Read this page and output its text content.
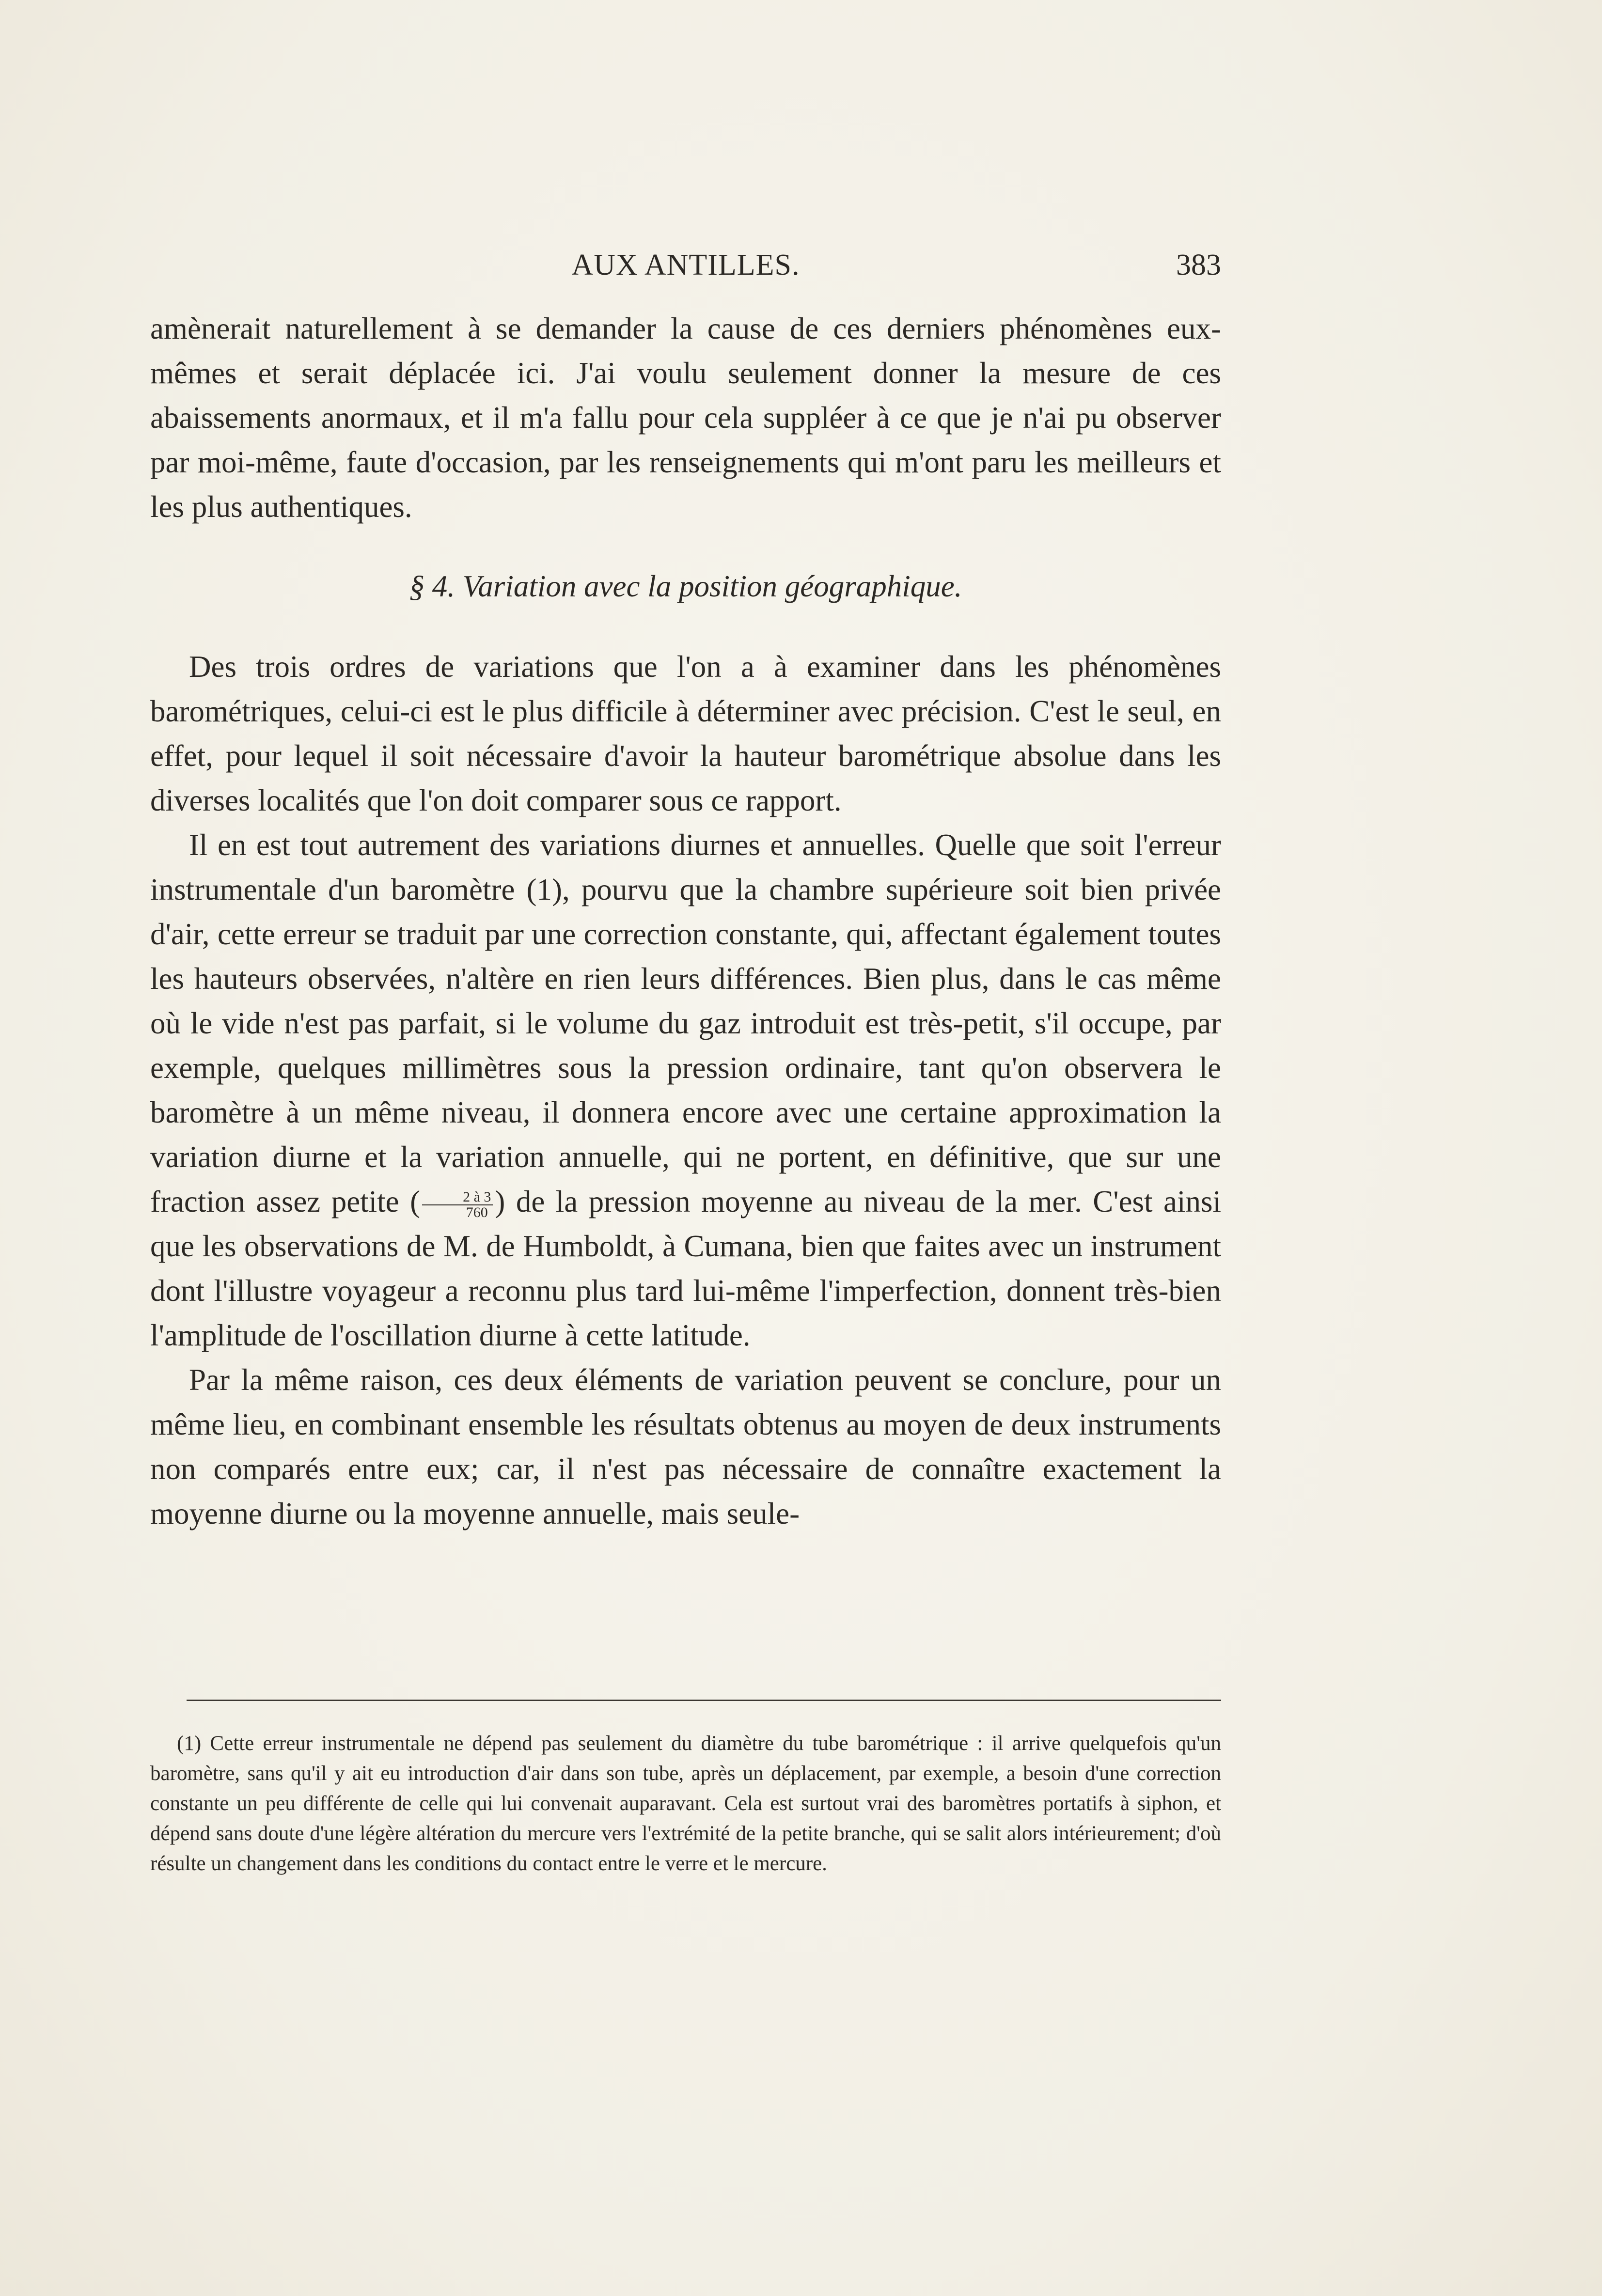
AUX ANTILLES.	383

amènerait naturellement à se demander la cause de ces derniers phénomènes eux-mêmes et serait déplacée ici. J'ai voulu seulement donner la mesure de ces abaissements anormaux, et il m'a fallu pour cela suppléer à ce que je n'ai pu observer par moi-même, faute d'occasion, par les renseignements qui m'ont paru les meilleurs et les plus authentiques.

§ 4. Variation avec la position géographique.

Des trois ordres de variations que l'on a à examiner dans les phénomènes barométriques, celui-ci est le plus difficile à déterminer avec précision. C'est le seul, en effet, pour lequel il soit nécessaire d'avoir la hauteur barométrique absolue dans les diverses localités que l'on doit comparer sous ce rapport.

Il en est tout autrement des variations diurnes et annuelles. Quelle que soit l'erreur instrumentale d'un baromètre (1), pourvu que la chambre supérieure soit bien privée d'air, cette erreur se traduit par une correction constante, qui, affectant également toutes les hauteurs observées, n'altère en rien leurs différences. Bien plus, dans le cas même où le vide n'est pas parfait, si le volume du gaz introduit est très-petit, s'il occupe, par exemple, quelques millimètres sous la pression ordinaire, tant qu'on observera le baromètre à un même niveau, il donnera encore avec une certaine approximation la variation diurne et la variation annuelle, qui ne portent, en définitive, que sur une fraction assez petite ( $\frac{2 à 3}{760}$ ) de la pression moyenne au niveau de la mer. C'est ainsi que les observations de M. de Humboldt, à Cumana, bien que faites avec un instrument dont l'illustre voyageur a reconnu plus tard lui-même l'imperfection, donnent très-bien l'amplitude de l'oscillation diurne à cette latitude.

Par la même raison, ces deux éléments de variation peuvent se conclure, pour un même lieu, en combinant ensemble les résultats obtenus au moyen de deux instruments non comparés entre eux; car, il n'est pas nécessaire de connaître exactement la moyenne diurne ou la moyenne annuelle, mais seule-

(1) Cette erreur instrumentale ne dépend pas seulement du diamètre du tube barométrique : il arrive quelquefois qu'un baromètre, sans qu'il y ait eu introduction d'air dans son tube, après un déplacement, par exemple, a besoin d'une correction constante un peu différente de celle qui lui convenait auparavant. Cela est surtout vrai des baromètres portatifs à siphon, et dépend sans doute d'une légère altération du mercure vers l'extrémité de la petite branche, qui se salit alors intérieurement; d'où résulte un changement dans les conditions du contact entre le verre et le mercure.
